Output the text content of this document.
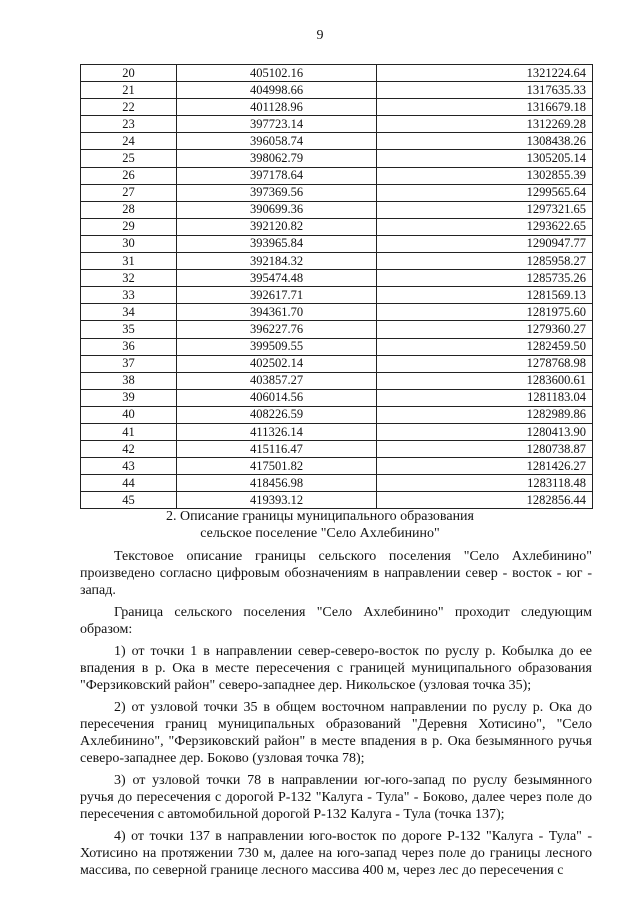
9
20	405102.16	1321224.64
21	404998.66	1317635.33
22	401128.96	1316679.18
23	397723.14	1312269.28
24	396058.74	1308438.26
25	398062.79	1305205.14
26	397178.64	1302855.39
27	397369.56	1299565.64
28	390699.36	1297321.65
29	392120.82	1293622.65
30	393965.84	1290947.77
31	392184.32	1285958.27
32	395474.48	1285735.26
33	392617.71	1281569.13
34	394361.70	1281975.60
35	396227.76	1279360.27
36	399509.55	1282459.50
37	402502.14	1278768.98
38	403857.27	1283600.61
39	406014.56	1281183.04
40	408226.59	1282989.86
41	411326.14	1280413.90
42	415116.47	1280738.87
43	417501.82	1281426.27
44	418456.98	1283118.48
45	419393.12	1282856.44
2. Описание границы муниципального образования
сельское поселение "Село Ахлебинино"

Текстовое описание границы сельского поселения "Село Ахлебинино" произведено согласно цифровым обозначениям в направлении север - восток - юг - запад.

Граница сельского поселения "Село Ахлебинино" проходит следующим образом:

1) от точки 1 в направлении север-северо-восток по руслу р. Кобылка до ее впадения в р. Ока в месте пересечения с границей муниципального образования "Ферзиковский район" северо-западнее дер. Никольское (узловая точка 35);

2) от узловой точки 35 в общем восточном направлении по руслу р. Ока до пересечения границ муниципальных образований "Деревня Хотисино", "Село Ахлебинино", "Ферзиковский район" в месте впадения в р. Ока безымянного ручья северо-западнее дер. Боково (узловая точка 78);

3) от узловой точки 78 в направлении юг-юго-запад по руслу безымянного ручья до пересечения с дорогой Р-132 "Калуга - Тула" - Боково, далее через поле до пересечения с автомобильной дорогой Р-132 Калуга - Тула (точка 137);

4) от точки 137 в направлении юго-восток по дороге Р-132 "Калуга - Тула" - Хотисино на протяжении 730 м, далее на юго-запад через поле до границы лесного массива, по северной границе лесного массива 400 м, через лес до пересечения с
